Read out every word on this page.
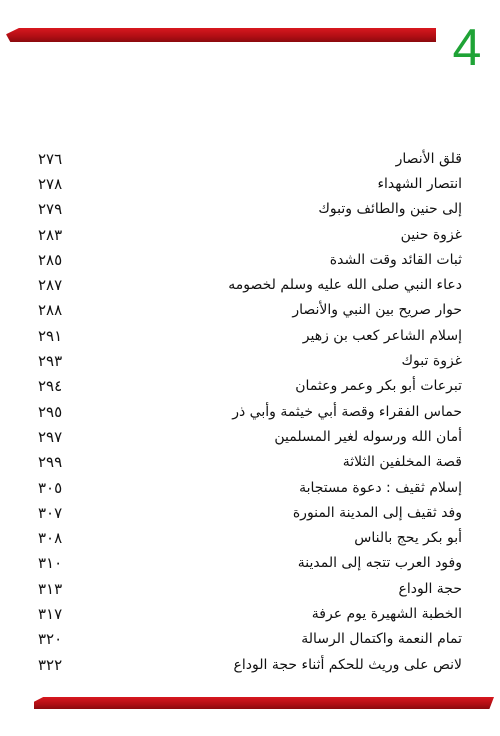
4
قلق الأنصار
٢٧٦
انتصار الشهداء
٢٧٨
إلى حنين والطائف وتبوك
٢٧٩
غزوة حنين
٢٨٣
ثبات القائد وقت الشدة
٢٨٥
دعاء النبي صلى الله عليه وسلم لخصومه
٢٨٧
حوار صريح بين النبي والأنصار
٢٨٨
إسلام الشاعر كعب بن زهير
٢٩١
غزوة تبوك
٢٩٣
تبرعات أبو بكر وعمر وعثمان
٢٩٤
حماس الفقراء وقصة أبي خيثمة وأبي ذر
٢٩٥
أمان الله ورسوله لغير المسلمين
٢٩٧
قصة المخلفين الثلاثة
٢٩٩
إسلام ثقيف : دعوة مستجابة
٣٠٥
وفد ثقيف إلى المدينة المنورة
٣٠٧
أبو بكر يحج بالناس
٣٠٨
وفود العرب تتجه إلى المدينة
٣١٠
حجة الوداع
٣١٣
الخطبة الشهيرة يوم عرفة
٣١٧
تمام النعمة واكتمال الرسالة
٣٢٠
لانص على وريث للحكم أثناء حجة الوداع
٣٢٢
